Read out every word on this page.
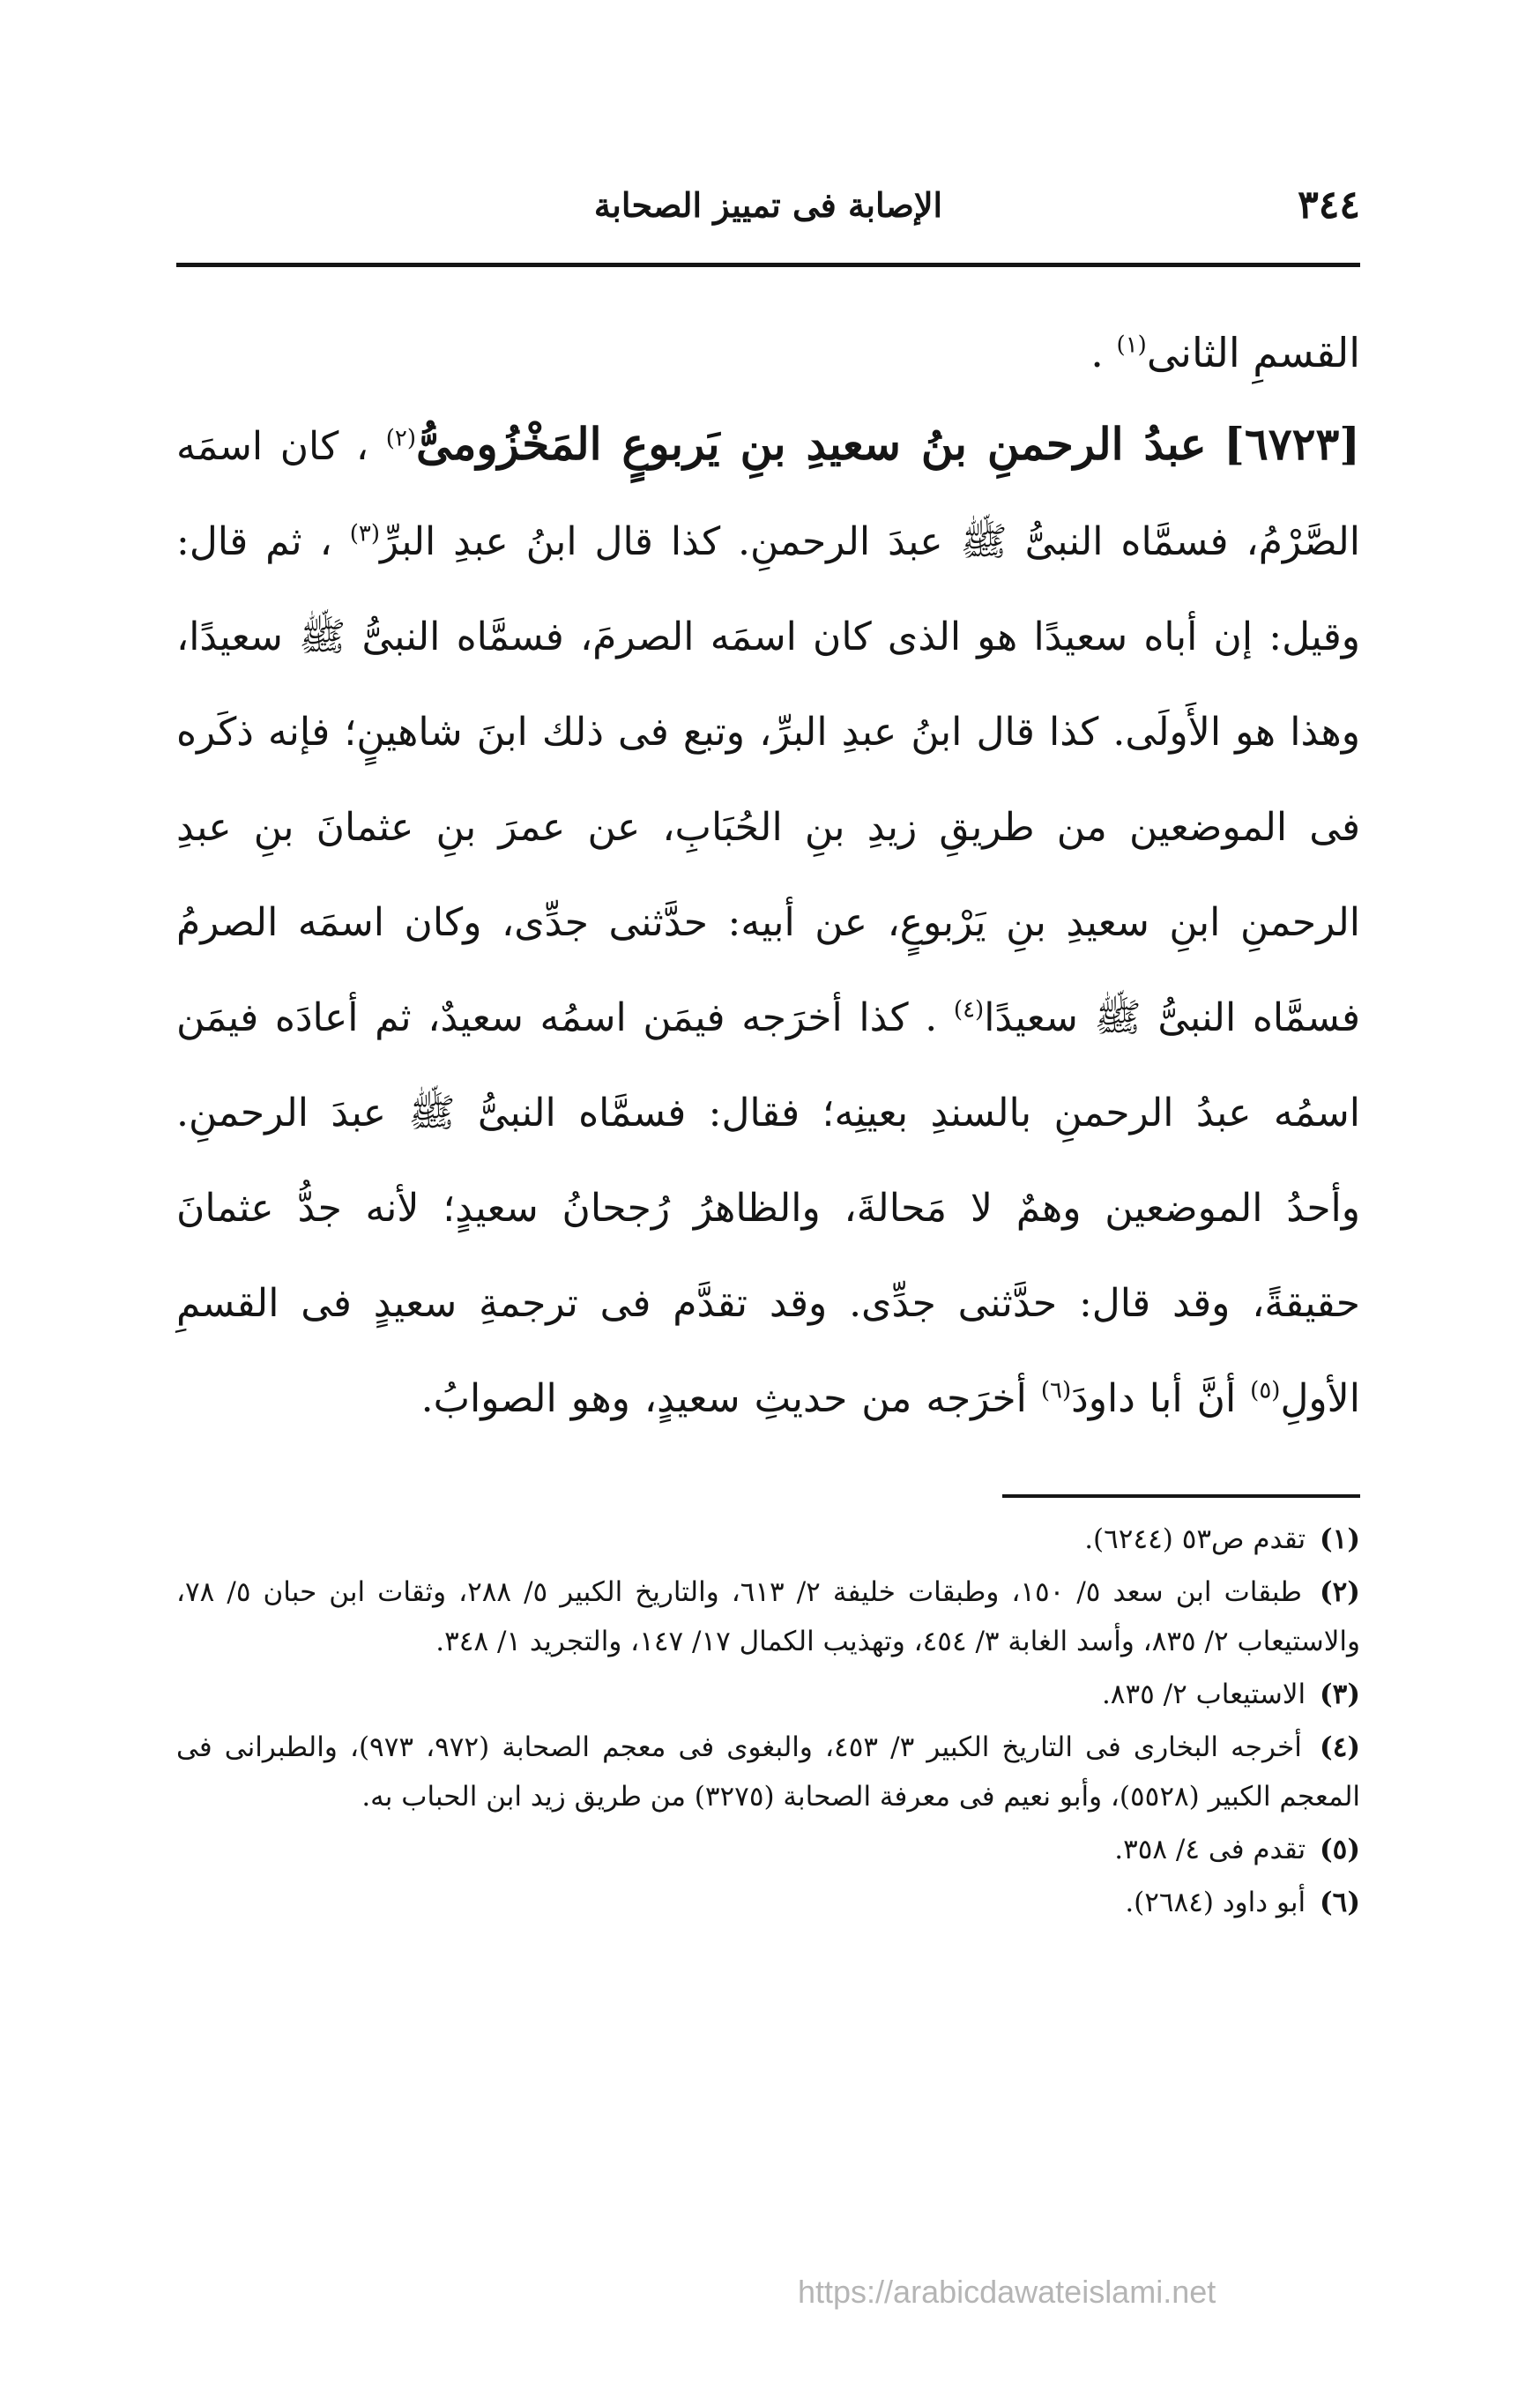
٣٤٤
الإصابة فى تمييز الصحابة
القسمِ الثانى$^{(١)}$ .
[٦٧٢٣] عبدُ الرحمنِ بنُ سعيدِ بنِ يَربوعٍ المَخْزُومىُّ$^{(٢)}$ ، كان اسمَه الصَّرْمُ، فسمَّاه النبىُّ ﷺ عبدَ الرحمنِ. كذا قال ابنُ عبدِ البرِّ$^{(٣)}$ ، ثم قال: وقيل: إن أباه سعيدًا هو الذى كان اسمَه الصرمَ، فسمَّاه النبىُّ ﷺ سعيدًا، وهذا هو الأَولَى. كذا قال ابنُ عبدِ البرِّ، وتبع فى ذلك ابنَ شاهينٍ؛ فإنه ذكَره فى الموضعين من طريقِ زيدِ بنِ الحُبَابِ، عن عمرَ بنِ عثمانَ بنِ عبدِ الرحمنِ ابنِ سعيدِ بنِ يَرْبوعٍ، عن أبيه: حدَّثنى جدِّى، وكان اسمَه الصرمُ فسمَّاه النبىُّ ﷺ سعيدًا$^{(٤)}$ . كذا أخرَجه فيمَن اسمُه سعيدٌ، ثم أعادَه فيمَن اسمُه عبدُ الرحمنِ بالسندِ بعينِه؛ فقال: فسمَّاه النبىُّ ﷺ عبدَ الرحمنِ. وأحدُ الموضعين وهمٌ لا مَحالةَ، والظاهرُ رُجحانُ سعيدٍ؛ لأنه جدُّ عثمانَ حقيقةً، وقد قال: حدَّثنى جدِّى. وقد تقدَّم فى ترجمةِ سعيدٍ فى القسمِ الأولِ$^{(٥)}$ أنَّ أبا داودَ$^{(٦)}$ أخرَجه من حديثِ سعيدٍ، وهو الصوابُ.
(١) تقدم ص٥٣ (٦٢٤٤).
(٢) طبقات ابن سعد ٥/ ١٥٠، وطبقات خليفة ٢/ ٦١٣، والتاريخ الكبير ٥/ ٢٨٨، وثقات ابن حبان ٥/ ٧٨، والاستيعاب ٢/ ٨٣٥، وأسد الغابة ٣/ ٤٥٤، وتهذيب الكمال ١٧/ ١٤٧، والتجريد ١/ ٣٤٨.
(٣) الاستيعاب ٢/ ٨٣٥.
(٤) أخرجه البخارى فى التاريخ الكبير ٣/ ٤٥٣، والبغوى فى معجم الصحابة (٩٧٢، ٩٧٣)، والطبرانى فى المعجم الكبير (٥٥٢٨)، وأبو نعيم فى معرفة الصحابة (٣٢٧٥) من طريق زيد ابن الحباب به.
(٥) تقدم فى ٤/ ٣٥٨.
(٦) أبو داود (٢٦٨٤).
https://arabicdawateislami.net
